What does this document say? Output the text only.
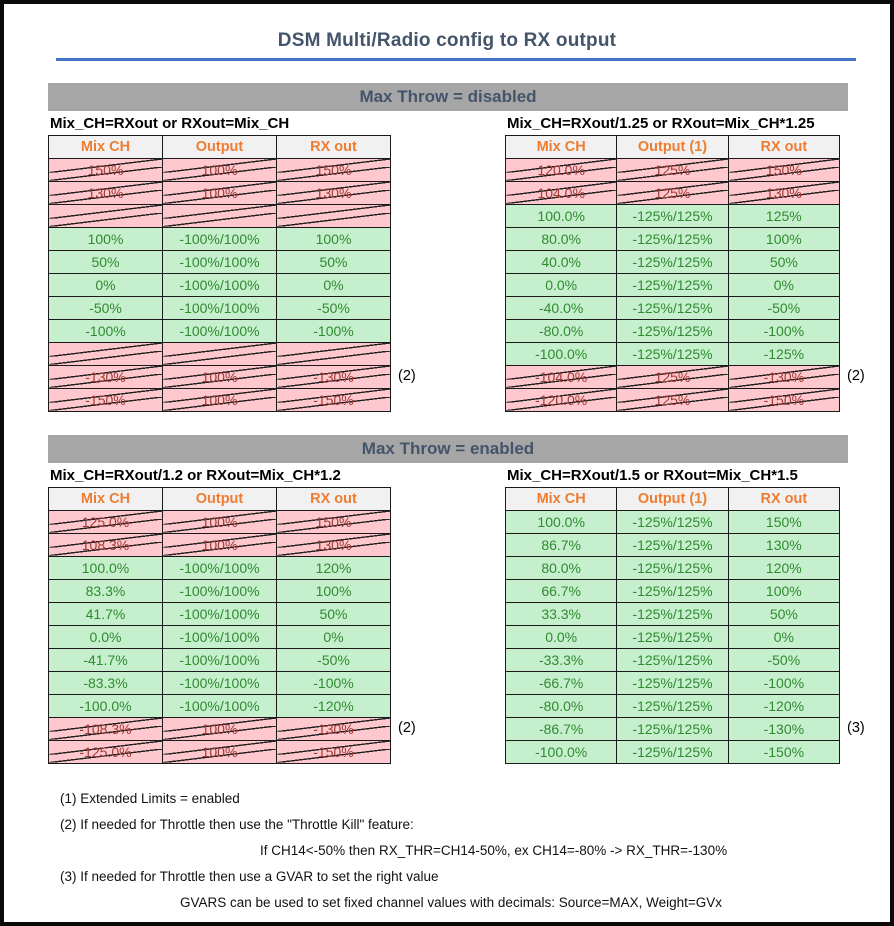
DSM Multi/Radio config to RX output
Max Throw = disabled
Mix_CH=RXout or RXout=Mix_CH
Mix CH	Output	RX out
150%	100%	150%
130%	100%	130%

100%	-100%/100%	100%
50%	-100%/100%	50%
0%	-100%/100%	0%
-50%	-100%/100%	-50%
-100%	-100%/100%	-100%

-130%	100%	-130%
-150%	100%	-150%
(2)
Mix_CH=RXout/1.25 or RXout=Mix_CH*1.25
Mix CH	Output (1)	RX out
120.0%	125%	150%
104.0%	125%	130%
100.0%	-125%/125%	125%
80.0%	-125%/125%	100%
40.0%	-125%/125%	50%
0.0%	-125%/125%	0%
-40.0%	-125%/125%	-50%
-80.0%	-125%/125%	-100%
-100.0%	-125%/125%	-125%
-104.0%	125%	-130%
-120.0%	125%	-150%
(2)
Max Throw = enabled
Mix_CH=RXout/1.2 or RXout=Mix_CH*1.2
Mix CH	Output	RX out
125.0%	100%	150%
108.3%	100%	130%
100.0%	-100%/100%	120%
83.3%	-100%/100%	100%
41.7%	-100%/100%	50%
0.0%	-100%/100%	0%
-41.7%	-100%/100%	-50%
-83.3%	-100%/100%	-100%
-100.0%	-100%/100%	-120%
-108.3%	100%	-130%
-125.0%	100%	-150%
(2)
Mix_CH=RXout/1.5 or RXout=Mix_CH*1.5
Mix CH	Output (1)	RX out
100.0%	-125%/125%	150%
86.7%	-125%/125%	130%
80.0%	-125%/125%	120%
66.7%	-125%/125%	100%
33.3%	-125%/125%	50%
0.0%	-125%/125%	0%
-33.3%	-125%/125%	-50%
-66.7%	-125%/125%	-100%
-80.0%	-125%/125%	-120%
-86.7%	-125%/125%	-130%
-100.0%	-125%/125%	-150%
(3)
(1) Extended Limits = enabled
(2) If needed for Throttle then use the "Throttle Kill" feature:
If CH14<-50% then RX_THR=CH14-50%, ex CH14=-80% -> RX_THR=-130%
(3) If needed for Throttle then use a GVAR to set the right value
GVARS can be used to set fixed channel values with decimals: Source=MAX, Weight=GVx
